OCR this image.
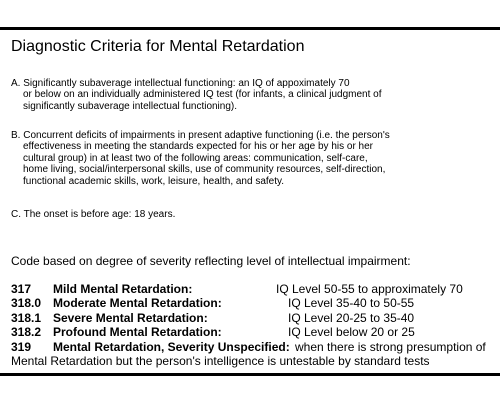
Diagnostic Criteria for Mental Retardation
A. Significantly subaverage intellectual functioning: an IQ of appoximately 70
or below on an individually administered IQ test (for infants, a clinical judgment of
significantly subaverage intellectual functioning).
B. Concurrent deficits of impairments in present adaptive functioning (i.e. the person's
effectiveness in meeting the standards expected for his or her age by his or her
cultural group) in at least two of the following areas: communication, self-care,
home living, social/interpersonal skills, use of community resources, self-direction,
functional academic skills, work, leisure, health, and safety.
C. The onset is before age: 18 years.
Code based on degree of severity reflecting level of intellectual impairment:
317 Mild Mental Retardation:	IQ Level 50-55 to approximately 70
318.0 Moderate Mental Retardation:	IQ Level 35-40 to 50-55
318.1 Severe Mental Retardation:	IQ Level 20-25 to 35-40
318.2 Profound Mental Retardation:	IQ Level below 20 or 25
319 Mental Retardation, Severity Unspecified: when there is strong presumption of
Mental Retardation but the person's intelligence is untestable by standard tests
